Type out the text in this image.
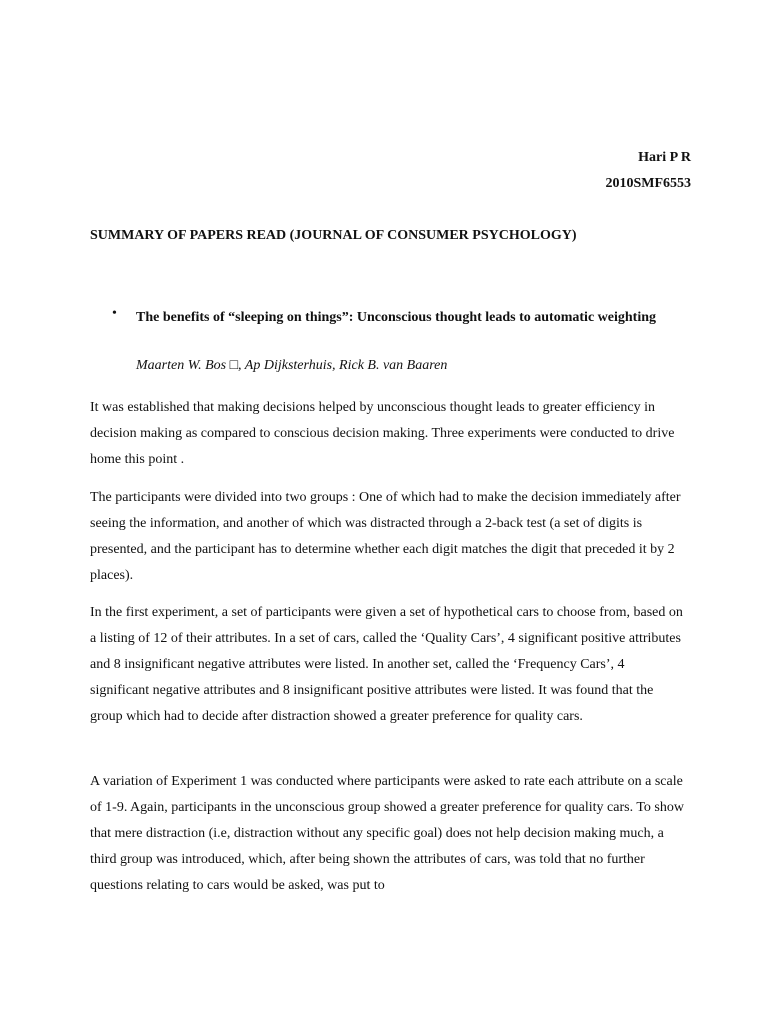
Hari P R
2010SMF6553
SUMMARY OF PAPERS READ (JOURNAL OF CONSUMER PSYCHOLOGY)
• The benefits of “sleeping on things”: Unconscious thought leads to automatic weighting

Maarten W. Bos □, Ap Dijksterhuis, Rick B. van Baaren

It was established that making decisions helped by unconscious thought leads to greater efficiency in decision making as compared to conscious decision making. Three experiments were conducted to drive home this point .

The participants were divided into two groups : One of which had to make the decision immediately after seeing the information, and another of which was distracted through a 2-back test (a set of digits is presented, and the participant has to determine whether each digit matches the digit that preceded it by 2 places).

In the first experiment, a set of participants were given a set of hypothetical cars to choose from, based on a listing of 12 of their attributes. In a set of cars, called the ‘Quality Cars’, 4 significant positive attributes and 8 insignificant negative attributes were listed. In another set, called the ‘Frequency Cars’, 4 significant negative attributes and 8 insignificant positive attributes were listed. It was found that the group which had to decide after distraction showed a greater preference for quality cars.

A variation of Experiment 1 was conducted where participants were asked to rate each attribute on a scale of 1-9. Again, participants in the unconscious group showed a greater preference for quality cars. To show that mere distraction (i.e, distraction without any specific goal) does not help decision making much, a third group was introduced, which, after being shown the attributes of cars, was told that no further questions relating to cars would be asked, was put to
